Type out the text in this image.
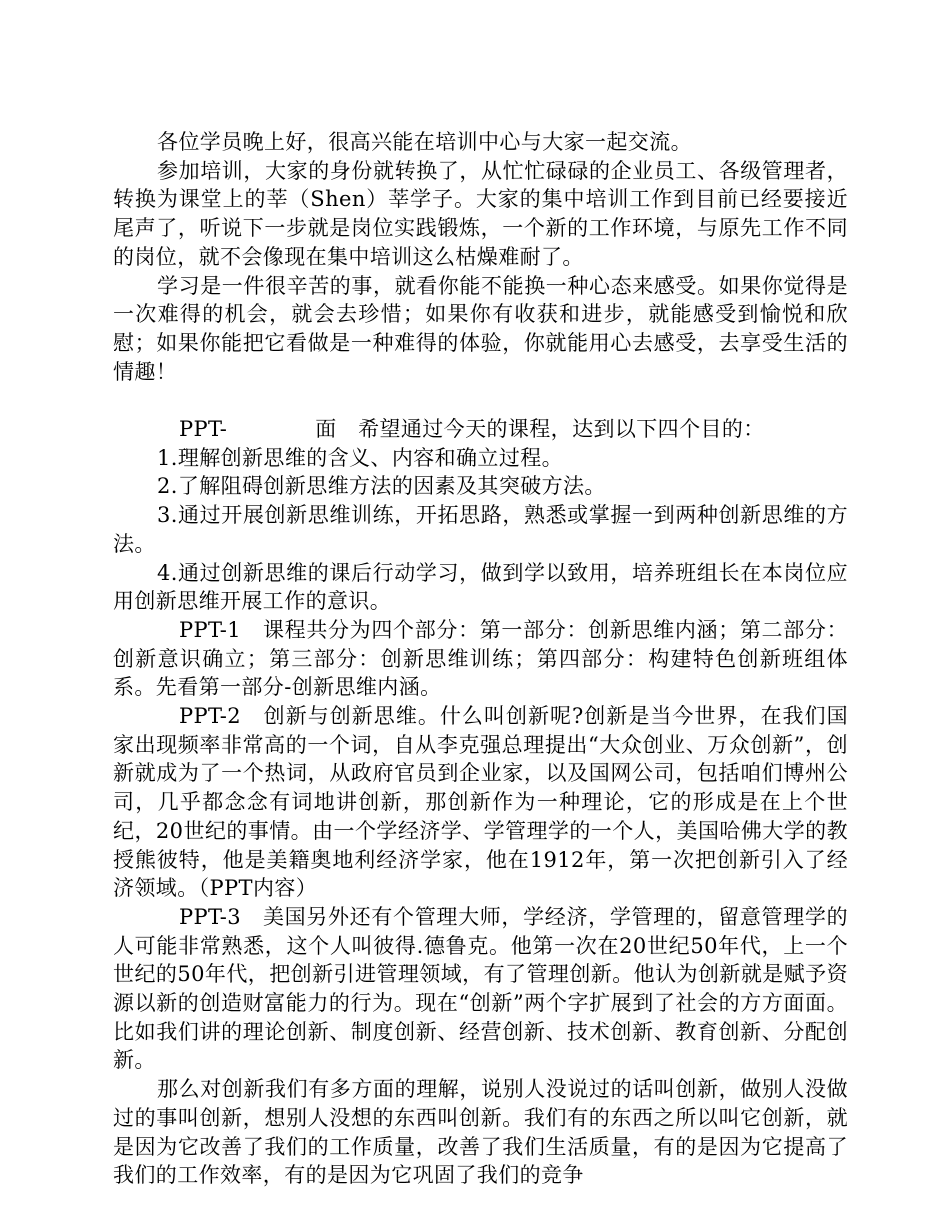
各位学员晚上好，很高兴能在培训中心与大家一起交流。

参加培训，大家的身份就转换了，从忙忙碌碌的企业员工、各级管理者，转换为课堂上的莘（Shen）莘学子。大家的集中培训工作到目前已经要接近尾声了，听说下一步就是岗位实践锻炼，一个新的工作环境，与原先工作不同的岗位，就不会像现在集中培训这么枯燥难耐了。

学习是一件很辛苦的事，就看你能不能换一种心态来感受。如果你觉得是一次难得的机会，就会去珍惜；如果你有收获和进步，就能感受到愉悦和欣慰；如果你能把它看做是一种难得的体验，你就能用心去感受，去享受生活的情趣！

PPT-	面　希望通过今天的课程，达到以下四个目的：

1.理解创新思维的含义、内容和确立过程。

2.了解阻碍创新思维方法的因素及其突破方法。

3.通过开展创新思维训练，开拓思路，熟悉或掌握一到两种创新思维的方法。

4.通过创新思维的课后行动学习，做到学以致用，培养班组长在本岗位应用创新思维开展工作的意识。

PPT-1　课程共分为四个部分：第一部分：创新思维内涵；第二部分：创新意识确立；第三部分：创新思维训练；第四部分：构建特色创新班组体系。先看第一部分-创新思维内涵。

PPT-2　创新与创新思维。什么叫创新呢?创新是当今世界，在我们国家出现频率非常高的一个词，自从李克强总理提出“大众创业、万众创新”，创新就成为了一个热词，从政府官员到企业家，以及国网公司，包括咱们博州公司，几乎都念念有词地讲创新，那创新作为一种理论，它的形成是在上个世纪，20世纪的事情。由一个学经济学、学管理学的一个人，美国哈佛大学的教授熊彼特，他是美籍奥地利经济学家，他在1912年，第一次把创新引入了经济领域。（PPT内容）

PPT-3　美国另外还有个管理大师，学经济，学管理的，留意管理学的人可能非常熟悉，这个人叫彼得.德鲁克。他第一次在20世纪50年代，上一个世纪的50年代，把创新引进管理领域，有了管理创新。他认为创新就是赋予资源以新的创造财富能力的行为。现在“创新”两个字扩展到了社会的方方面面。比如我们讲的理论创新、制度创新、经营创新、技术创新、教育创新、分配创新。

那么对创新我们有多方面的理解，说别人没说过的话叫创新，做别人没做过的事叫创新，想别人没想的东西叫创新。我们有的东西之所以叫它创新，就是因为它改善了我们的工作质量，改善了我们生活质量，有的是因为它提高了我们的工作效率，有的是因为它巩固了我们的竞争
